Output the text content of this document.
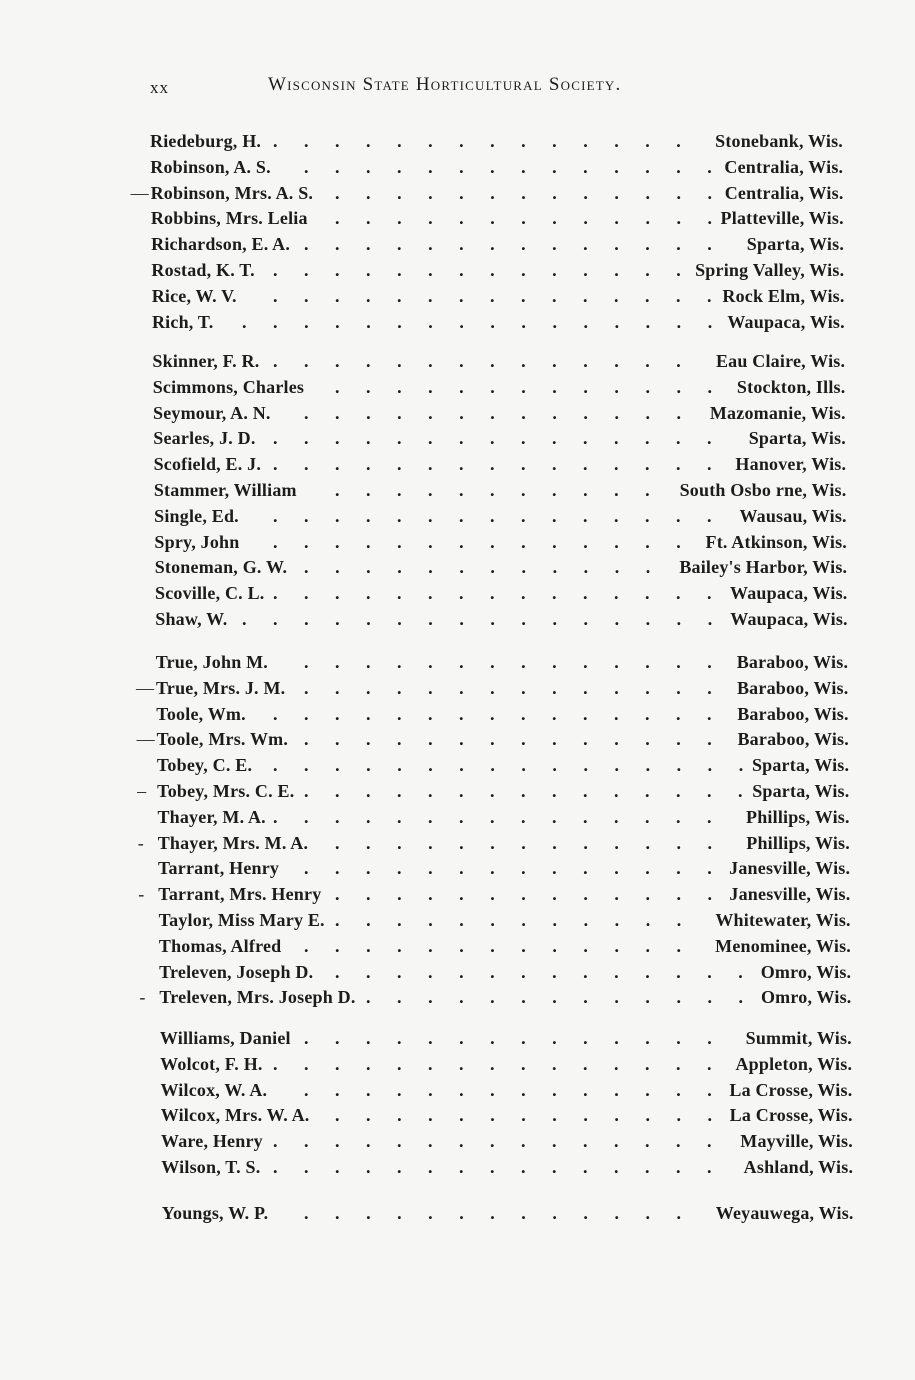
xx	Wisconsin State Horticultural Society.
Riedeburg, H.	Stonebank, Wis.
.       .       .       .       .       .       .       .       .       .       .       .       .       .
Robinson, A. S.	Centralia, Wis.
.       .       .       .       .       .       .       .       .       .       .       .       .       .
— Robinson, Mrs. A. S.	Centralia, Wis.
.       .       .       .       .       .       .       .       .       .       .       .       .
Robbins, Mrs. Lelia	Platteville, Wis.
.       .       .       .       .       .       .       .       .       .       .       .       .
Richardson, E. A.	Sparta, Wis.
.       .       .       .       .       .       .       .       .       .       .       .       .       .
Rostad, K. T.	Spring Valley, Wis.
.       .       .       .       .       .       .       .       .       .       .       .       .       .
Rice, W. V.	Rock Elm, Wis.
.       .       .       .       .       .       .       .       .       .       .       .       .       .       .
Rich, T.	Waupaca, Wis.
.       .       .       .       .       .       .       .       .       .       .       .       .       .       .       .
Skinner, F. R.	Eau Claire, Wis.
.       .       .       .       .       .       .       .       .       .       .       .       .       .
Scimmons, Charles	Stockton, Ills.
.       .       .       .       .       .       .       .       .       .       .       .       .
Seymour, A. N.	Mazomanie, Wis.
.       .       .       .       .       .       .       .       .       .       .       .       .
Searles, J. D.	Sparta, Wis.
.       .       .       .       .       .       .       .       .       .       .       .       .       .       .
Scofield, E. J.	Hanover, Wis.
.       .       .       .       .       .       .       .       .       .       .       .       .       .       .
Stammer, William	South Osbo rne, Wis.
.       .       .       .       .       .       .       .       .       .       .
Single, Ed.	Wausau, Wis.
.       .       .       .       .       .       .       .       .       .       .       .       .       .       .
Spry, John	Ft. Atkinson, Wis.
.       .       .       .       .       .       .       .       .       .       .       .       .       .
Stoneman, G. W.	Bailey's Harbor, Wis.
.       .       .       .       .       .       .       .       .       .       .       .
Scoville, C. L.	Waupaca, Wis.
.       .       .       .       .       .       .       .       .       .       .       .       .       .       .
Shaw, W.	Waupaca, Wis.
.       .       .       .       .       .       .       .       .       .       .       .       .       .       .       .
True, John M.	Baraboo, Wis.
.       .       .       .       .       .       .       .       .       .       .       .       .       .
— True, Mrs. J. M.	Baraboo, Wis.
.       .       .       .       .       .       .       .       .       .       .       .       .       .
Toole, Wm.	Baraboo, Wis.
.       .       .       .       .       .       .       .       .       .       .       .       .       .       .
— Toole, Mrs. Wm.	Baraboo, Wis.
.       .       .       .       .       .       .       .       .       .       .       .       .       .
Tobey, C. E.	Sparta, Wis.
.       .       .       .       .       .       .       .       .       .       .       .       .       .       .       .
– Tobey, Mrs. C. E.	Sparta, Wis.
.       .       .       .       .       .       .       .       .       .       .       .       .       .       .
Thayer, M. A.	Phillips, Wis.
.       .       .       .       .       .       .       .       .       .       .       .       .       .       .
- Thayer, Mrs. M. A.	Phillips, Wis.
.       .       .       .       .       .       .       .       .       .       .       .       .
Tarrant, Henry	Janesville, Wis.
.       .       .       .       .       .       .       .       .       .       .       .       .       .
- Tarrant, Mrs. Henry	Janesville, Wis.
.       .       .       .       .       .       .       .       .       .       .       .       .
Taylor, Miss Mary E.	Whitewater, Wis.
.       .       .       .       .       .       .       .       .       .       .       .
Thomas, Alfred	Menominee, Wis.
.       .       .       .       .       .       .       .       .       .       .       .       .
Treleven, Joseph D.	Omro, Wis.
.       .       .       .       .       .       .       .       .       .       .       .       .       .
- Treleven, Mrs. Joseph D.	Omro, Wis.
.       .       .       .       .       .       .       .       .       .       .       .       .
Williams, Daniel	Summit, Wis.
.       .       .       .       .       .       .       .       .       .       .       .       .       .
Wolcot, F. H.	Appleton, Wis.
.       .       .       .       .       .       .       .       .       .       .       .       .       .       .
Wilcox, W. A.	La Crosse, Wis.
.       .       .       .       .       .       .       .       .       .       .       .       .       .
Wilcox, Mrs. W. A.	La Crosse, Wis.
.       .       .       .       .       .       .       .       .       .       .       .       .
Ware, Henry	Mayville, Wis.
.       .       .       .       .       .       .       .       .       .       .       .       .       .       .
Wilson, T. S.	Ashland, Wis.
.       .       .       .       .       .       .       .       .       .       .       .       .       .       .
Youngs, W. P.	Weyauwega, Wis.
.       .       .       .       .       .       .       .       .       .       .       .       .
